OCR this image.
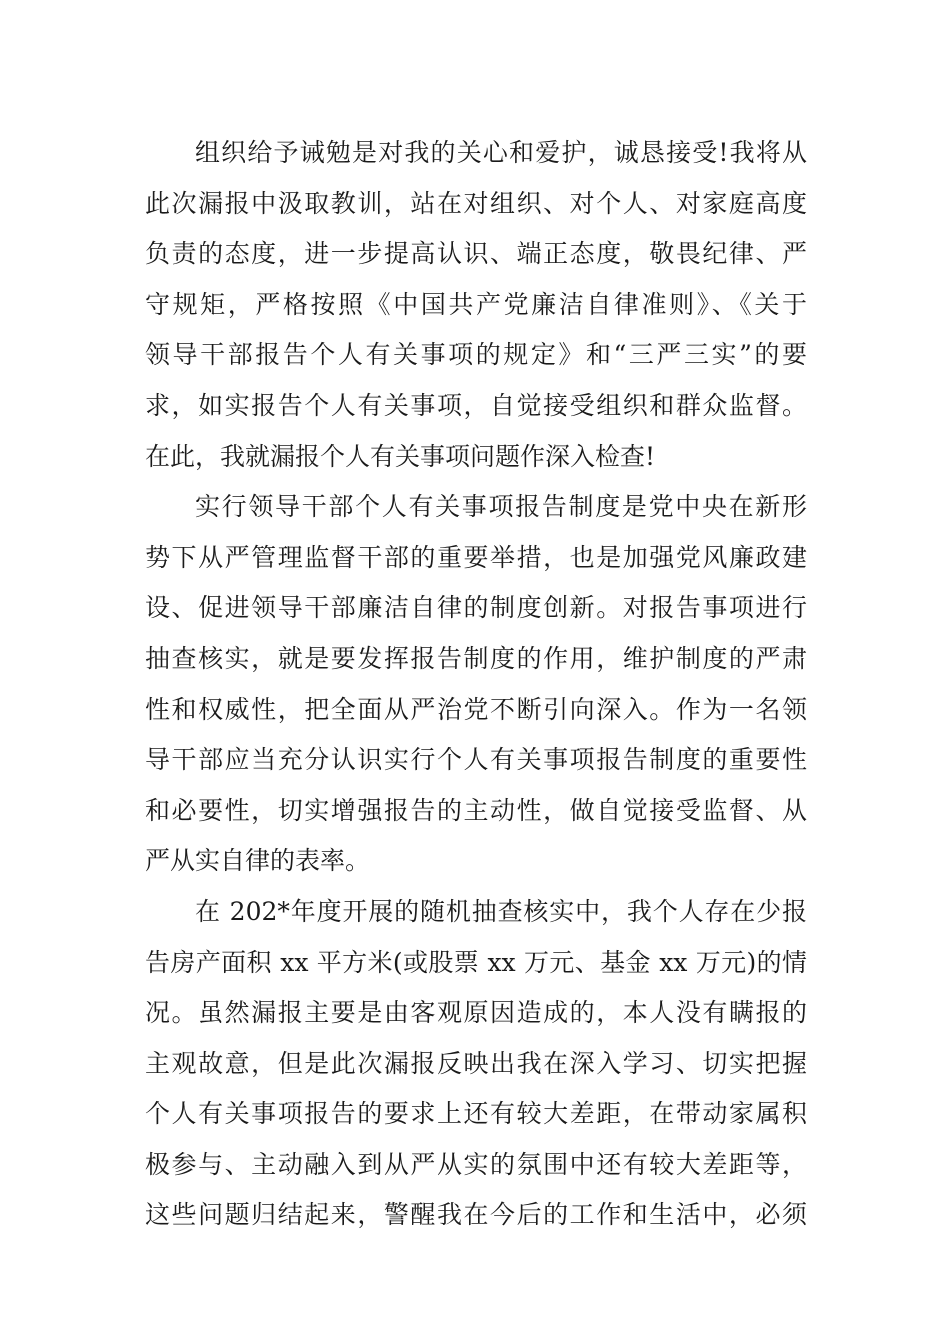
组织给予诫勉是对我的关心和爱护，诚恳接受!我将从
此次漏报中汲取教训，站在对组织、对个人、对家庭高度
负责的态度，进一步提高认识、端正态度，敬畏纪律、严
守规矩，严格按照《中国共产党廉洁自律准则》、《关于
领导干部报告个人有关事项的规定》和“三严三实”的要
求，如实报告个人有关事项，自觉接受组织和群众监督。
在此，我就漏报个人有关事项问题作深入检查!

实行领导干部个人有关事项报告制度是党中央在新形
势下从严管理监督干部的重要举措，也是加强党风廉政建
设、促进领导干部廉洁自律的制度创新。对报告事项进行
抽查核实，就是要发挥报告制度的作用，维护制度的严肃
性和权威性，把全面从严治党不断引向深入。作为一名领
导干部应当充分认识实行个人有关事项报告制度的重要性
和必要性，切实增强报告的主动性，做自觉接受监督、从
严从实自律的表率。

在 202*年度开展的随机抽查核实中，我个人存在少报
告房产面积 xx 平方米(或股票 xx 万元、基金 xx 万元)的情
况。虽然漏报主要是由客观原因造成的，本人没有瞒报的
主观故意，但是此次漏报反映出我在深入学习、切实把握
个人有关事项报告的要求上还有较大差距，在带动家属积
极参与、主动融入到从严从实的氛围中还有较大差距等，
这些问题归结起来，警醒我在今后的工作和生活中，必须
